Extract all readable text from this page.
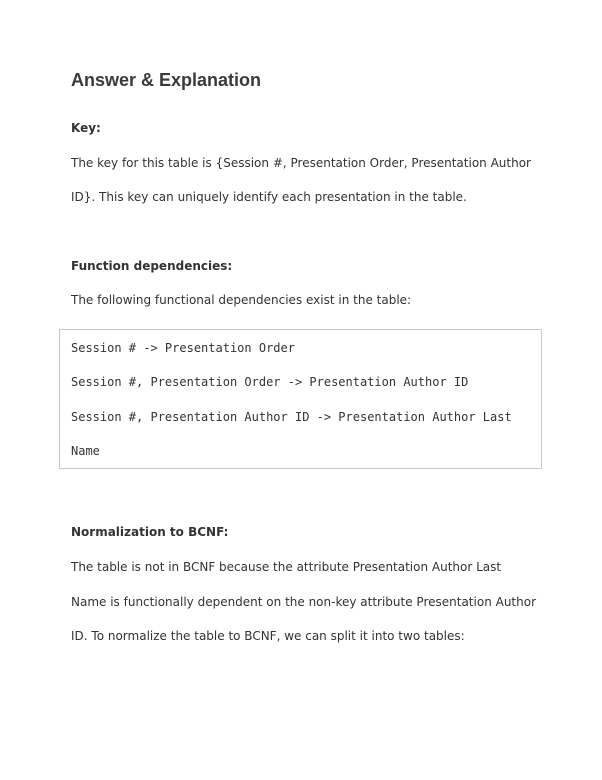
Answer & Explanation
Key:

The key for this table is {Session #, Presentation Order, Presentation Author

ID}. This key can uniquely identify each presentation in the table.

Function dependencies:

The following functional dependencies exist in the table:

Session # -> Presentation Order

Session #, Presentation Order -> Presentation Author ID

Session #, Presentation Author ID -> Presentation Author Last

Name

Normalization to BCNF:

The table is not in BCNF because the attribute Presentation Author Last

Name is functionally dependent on the non-key attribute Presentation Author

ID. To normalize the table to BCNF, we can split it into two tables:
